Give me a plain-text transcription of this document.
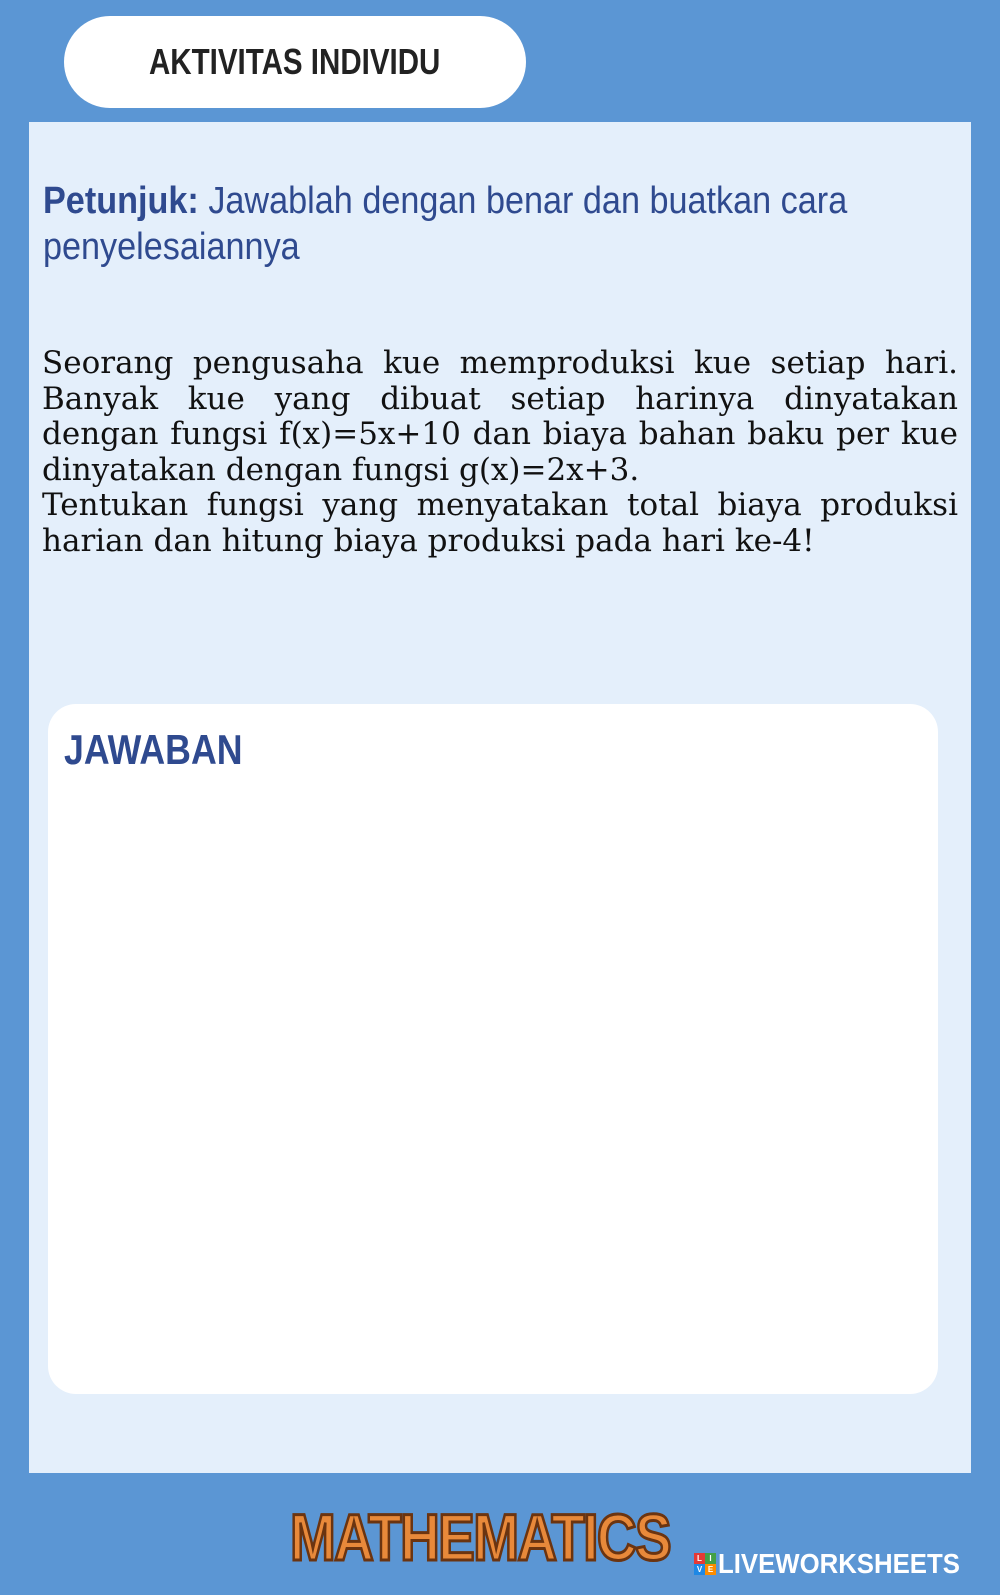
AKTIVITAS INDIVIDU
Petunjuk: Jawablah dengan benar dan buatkan cara penyelesaiannya

Seorang pengusaha kue memproduksi kue setiap hari. Banyak kue yang dibuat setiap harinya dinyatakan dengan fungsi f(x)=5x+10 dan biaya bahan baku per kue dinyatakan dengan fungsi g(x)=2x+3.

Tentukan fungsi yang menyatakan total biaya produksi harian dan hitung biaya produksi pada hari ke-4!

JAWABAN
MATHEMATICS	L I
V E LIVEWORKSHEETS
